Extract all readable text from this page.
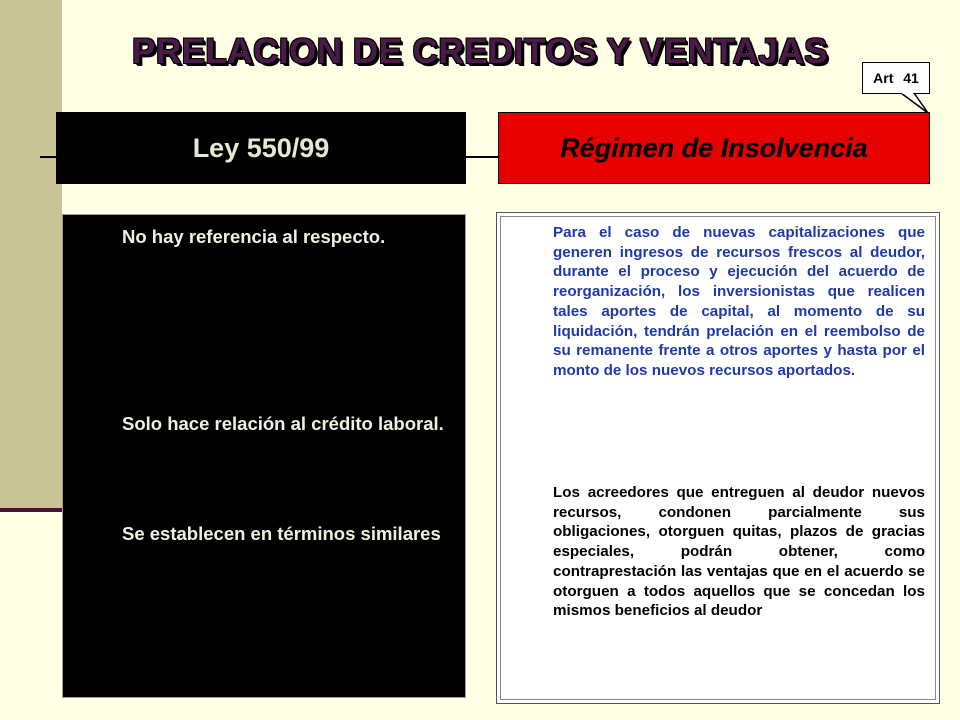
PRELACION DE CREDITOS Y VENTAJAS
Art 41
Ley 550/99	Régimen de Insolvencia

No hay referencia al respecto.

Solo hace relación al crédito laboral.

Se establecen en términos similares

Para el caso de nuevas capitalizaciones que generen ingresos de recursos frescos al deudor, durante el proceso y ejecución del acuerdo de reorganización, los inversionistas que realicen tales aportes de capital, al momento de su liquidación, tendrán prelación en el reembolso de su remanente frente a otros aportes y hasta por el monto de los nuevos recursos aportados.

Los acreedores que entreguen al deudor nuevos recursos, condonen parcialmente sus obligaciones, otorguen quitas, plazos de gracias especiales, podrán obtener, como contraprestación las ventajas que en el acuerdo se otorguen a todos aquellos que se concedan los mismos beneficios al deudor
